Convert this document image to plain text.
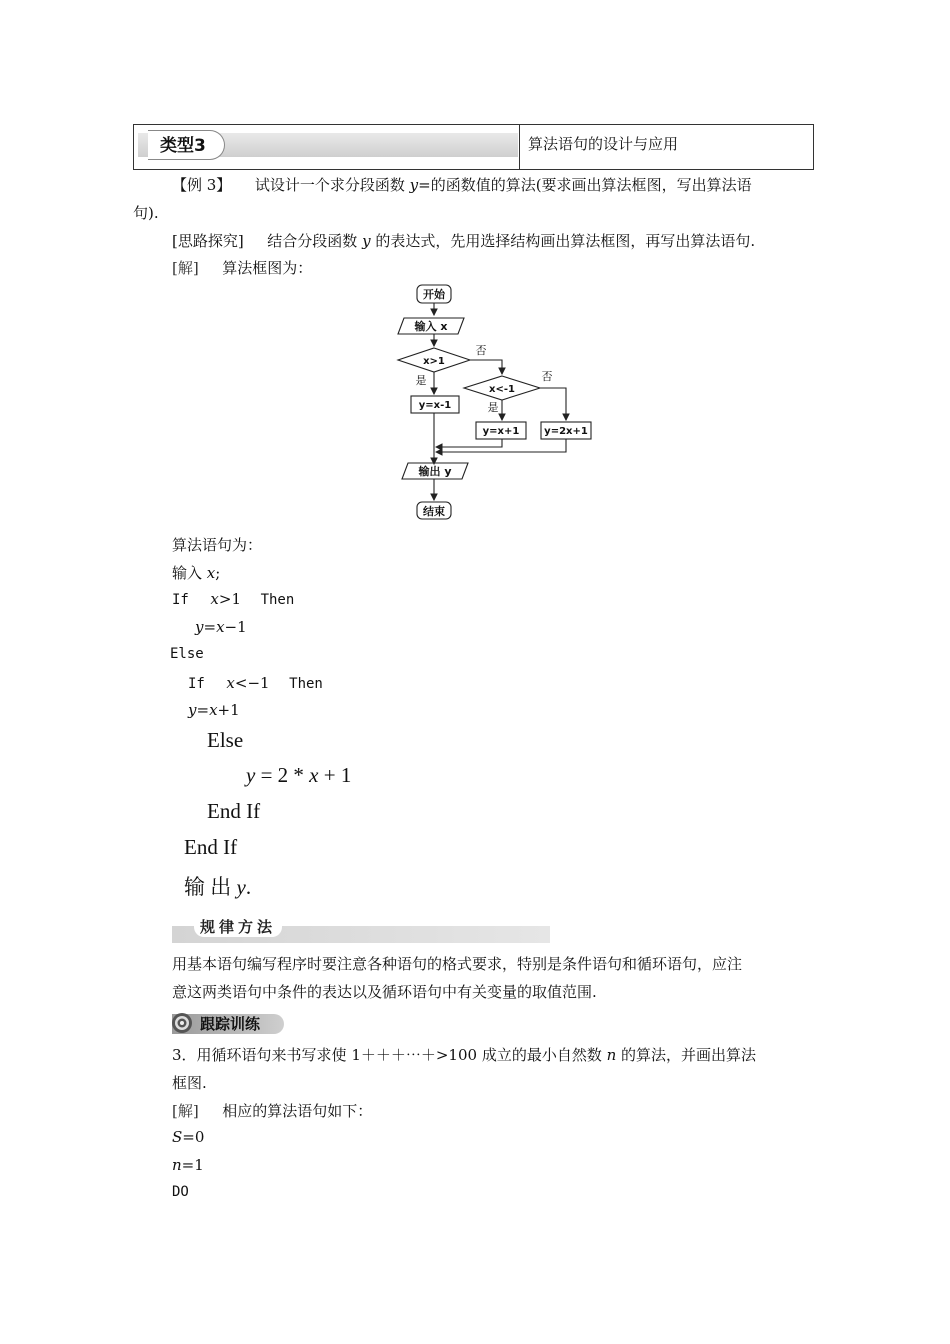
类型3	算法语句的设计与应用
【例 3】 试设计一个求分段函数 y=的函数值的算法(要求画出算法框图，写出算法语
句).
[思路探究] 结合分段函数 y 的表达式，先用选择结构画出算法框图，再写出算法语句.
[解] 算法框图为：
开始
输入 x
x>1
x<-1
y=x-1
y=x+1 y=2x+1
输出 y
结束
否
是	否
是
算法语句为：
输入 x;
If x>1 Then
y=x−1
Else
If x<−1 Then
y=x+1
Else
y = 2 * x + 1
End If
End If
输 出 y.
规律方法
用基本语句编写程序时要注意各种语句的格式要求，特别是条件语句和循环语句，应注
意这两类语句中条件的表达以及循环语句中有关变量的取值范围.
跟踪训练
3．用循环语句来书写求使 1＋＋＋⋯＋>100 成立的最小自然数 n 的算法，并画出算法
框图.
[解] 相应的算法语句如下：
S=0
n=1
DO
